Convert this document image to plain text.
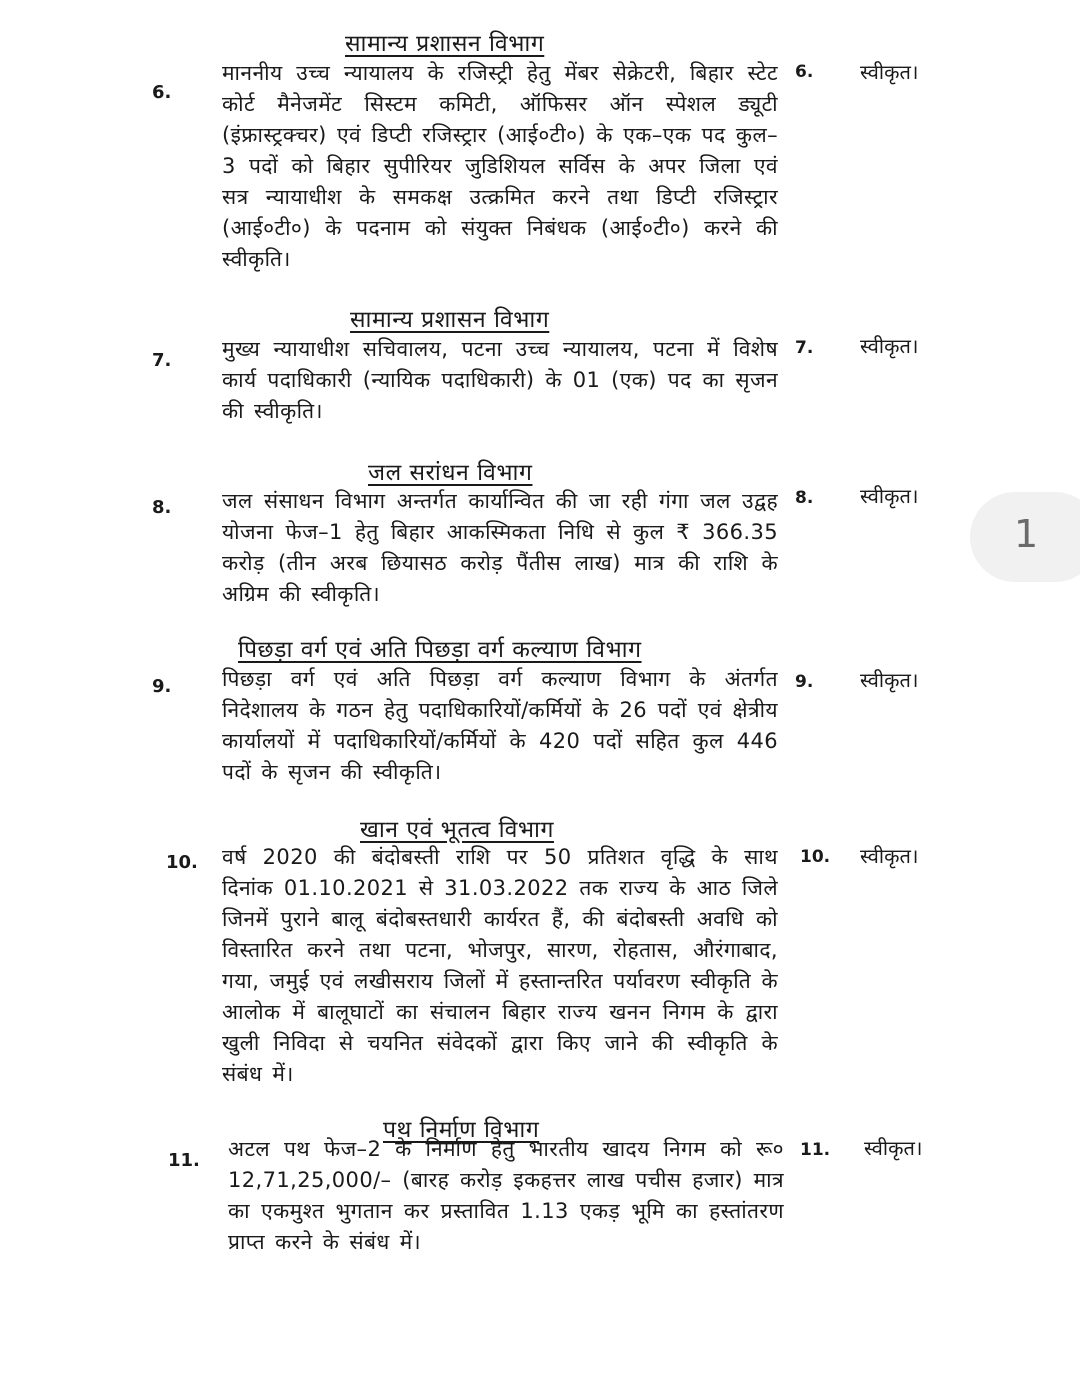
सामान्य प्रशासन विभाग
6.
माननीय उच्च न्यायालय के रजिस्ट्री हेतु मेंबर सेक्रेटरी, बिहार स्टेट कोर्ट मैनेजमेंट सिस्टम कमिटी, ऑफिसर ऑन स्पेशल ड्यूटी (इंफ्रास्ट्रक्चर) एवं डिप्टी रजिस्ट्रार (आई०टी०) के एक–एक पद कुल–3 पदों को बिहार सुपीरियर जुडिशियल सर्विस के अपर जिला एवं सत्र न्यायाधीश के समकक्ष उत्क्रमित करने तथा डिप्टी रजिस्ट्रार (आई०टी०) के पदनाम को संयुक्त निबंधक (आई०टी०) करने की स्वीकृति।
6. स्वीकृत।
सामान्य प्रशासन विभाग
7.	मुख्य न्यायाधीश सचिवालय, पटना उच्च न्यायालय, पटना में विशेष कार्य पदाधिकारी (न्यायिक पदाधिकारी) के 01 (एक) पद का सृजन की स्वीकृति।
7. स्वीकृत।
जल सरांधन विभाग
8.	जल संसाधन विभाग अन्तर्गत कार्यान्वित की जा रही गंगा जल उद्वह योजना फेज–1 हेतु बिहार आकस्मिकता निधि से कुल ₹ 366.35 करोड़ (तीन अरब छियासठ करोड़ पैंतीस लाख) मात्र की राशि के अग्रिम की स्वीकृति।
8. स्वीकृत।
पिछड़ा वर्ग एवं अति पिछड़ा वर्ग कल्याण विभाग
9.	पिछड़ा वर्ग एवं अति पिछड़ा वर्ग कल्याण विभाग के अंतर्गत निदेशालय के गठन हेतु पदाधिकारियों/कर्मियों के 26 पदों एवं क्षेत्रीय कार्यालयों में पदाधिकारियों/कर्मियों के 420 पदों सहित कुल 446 पदों के सृजन की स्वीकृति।
9. स्वीकृत।
खान एवं भूतत्व विभाग
10.	वर्ष 2020 की बंदोबस्ती राशि पर 50 प्रतिशत वृद्धि के साथ दिनांक 01.10.2021 से 31.03.2022 तक राज्य के आठ जिले जिनमें पुराने बालू बंदोबस्तधारी कार्यरत हैं, की बंदोबस्ती अवधि को विस्तारित करने तथा पटना, भोजपुर, सारण, रोहतास, औरंगाबाद, गया, जमुई एवं लखीसराय जिलों में हस्तान्तरित पर्यावरण स्वीकृति के आलोक में बालूघाटों का संचालन बिहार राज्य खनन निगम के द्वारा खुली निविदा से चयनित संवेदकों द्वारा किए जाने की स्वीकृति के संबंध में।
10. स्वीकृत।
पथ निर्माण विभाग
11.	अटल पथ फेज–2 के निर्माण हेतु भारतीय खादय निगम को रू० 12,71,25,000/– (बारह करोड़ इकहत्तर लाख पचीस हजार) मात्र का एकमुश्त भुगतान कर प्रस्तावित 1.13 एकड़ भूमि का हस्तांतरण प्राप्त करने के संबंध में।
11. स्वीकृत।
1
